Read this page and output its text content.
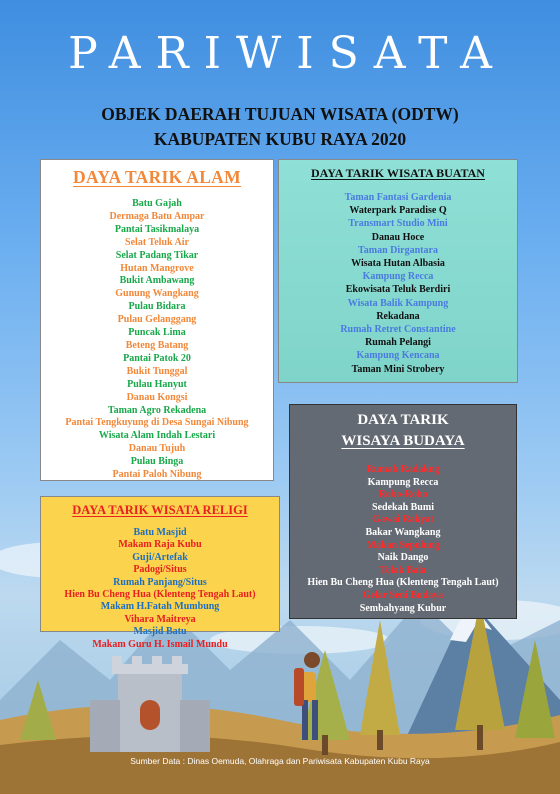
PARIWISATA
OBJEK DAERAH TUJUAN WISATA (ODTW)
KABUPATEN KUBU RAYA 2020
DAYA TARIK ALAM
Batu Gajah
Dermaga Batu Ampar
Pantai Tasikmalaya
Selat Teluk Air
Selat Padang Tikar
Hutan Mangrove
Bukit Ambawang
Gunung Wangkang
Pulau Bidara
Pulau Gelanggang
Puncak Lima
Beteng Batang
Pantai Patok 20
Bukit Tunggal
Pulau Hanyut
Danau Kongsi
Taman Agro Rekadena
Pantai Tengkuyung di Desa Sungai Nibung
Wisata Alam Indah Lestari
Danau Tujuh
Pulau Binga
Pantai Paloh Nibung
DAYA TARIK WISATA BUATAN
Taman Fantasi Gardenia
Waterpark Paradise Q
Transmart Studio Mini
Danau Hoce
Taman Dirgantara
Wisata Hutan Albasia
Kampung Recca
Ekowisata Teluk Berdiri
Wisata Balik Kampung
Rekadana
Rumah Retret Constantine
Rumah Pelangi
Kampung Kencana
Taman Mini Strobery
DAYA TARIK
WISAYA BUDAYA
Rumah Radakng
Kampung Recca
Robo-Robo
Sedekah Bumi
Gawai Rakyat
Bakar Wangkang
Makan Sepulung
Naik Dango
Tolak Bala
Hien Bu Cheng Hua (Klenteng Tengah Laut)
Gelar Seni Budaya
Sembahyang Kubur
DAYA TARIK WISATA RELIGI
Batu Masjid
Makam Raja Kubu
Guji/Artefak
Padogi/Situs
Rumah Panjang/Situs
Hien Bu Cheng Hua (Klenteng Tengah Laut)
Makam H.Fatah Mumbung
Vihara Maitreya
Masjid Batu
Makam Guru H. Ismail Mundu
Sumber Data : Dinas Oemuda, Olahraga dan Pariwisata Kabupaten Kubu Raya
